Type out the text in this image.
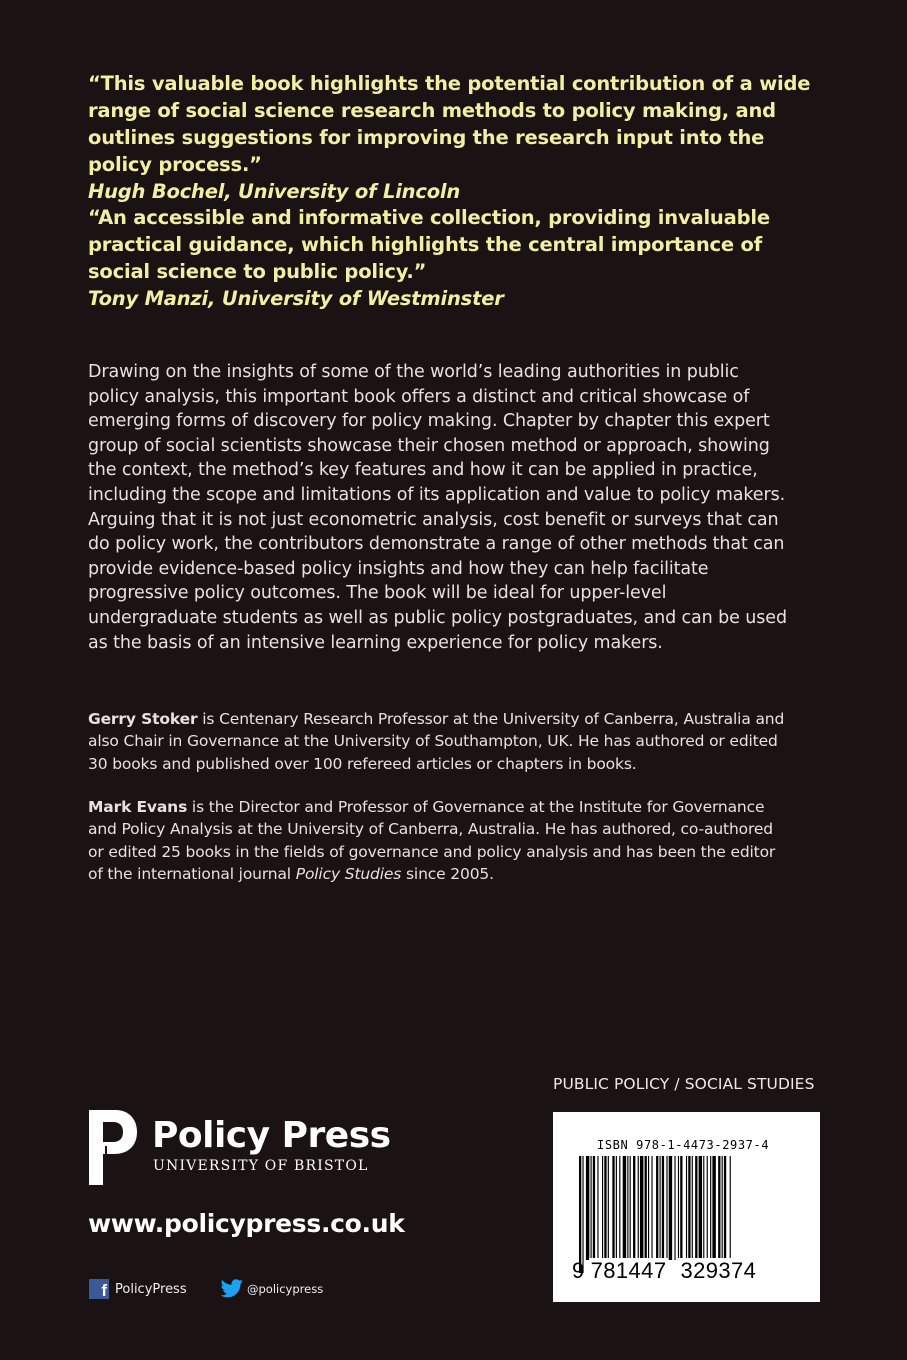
“This valuable book highlights the potential contribution of a wide range of social science research methods to policy making, and outlines suggestions for improving the research input into the policy process.”
Hugh Bochel, University of Lincoln
“An accessible and informative collection, providing invaluable practical guidance, which highlights the central importance of social science to public policy.”
Tony Manzi, University of Westminster
Drawing on the insights of some of the world’s leading authorities in public policy analysis, this important book offers a distinct and critical showcase of emerging forms of discovery for policy making. Chapter by chapter this expert group of social scientists showcase their chosen method or approach, showing the context, the method’s key features and how it can be applied in practice, including the scope and limitations of its application and value to policy makers. Arguing that it is not just econometric analysis, cost benefit or surveys that can do policy work, the contributors demonstrate a range of other methods that can provide evidence-based policy insights and how they can help facilitate progressive policy outcomes. The book will be ideal for upper-level undergraduate students as well as public policy postgraduates, and can be used as the basis of an intensive learning experience for policy makers.
Gerry Stoker is Centenary Research Professor at the University of Canberra, Australia and also Chair in Governance at the University of Southampton, UK. He has authored or edited 30 books and published over 100 refereed articles or chapters in books.
Mark Evans is the Director and Professor of Governance at the Institute for Governance and Policy Analysis at the University of Canberra, Australia. He has authored, co-authored or edited 25 books in the fields of governance and policy analysis and has been the editor of the international journal Policy Studies since 2005.
PUBLIC POLICY / SOCIAL STUDIES
Policy Press
UNIVERSITY OF BRISTOL
www.policypress.co.uk
f PolicyPress	@policypress
ISBN 978-1-4473-2937-4
9 781447 329374
